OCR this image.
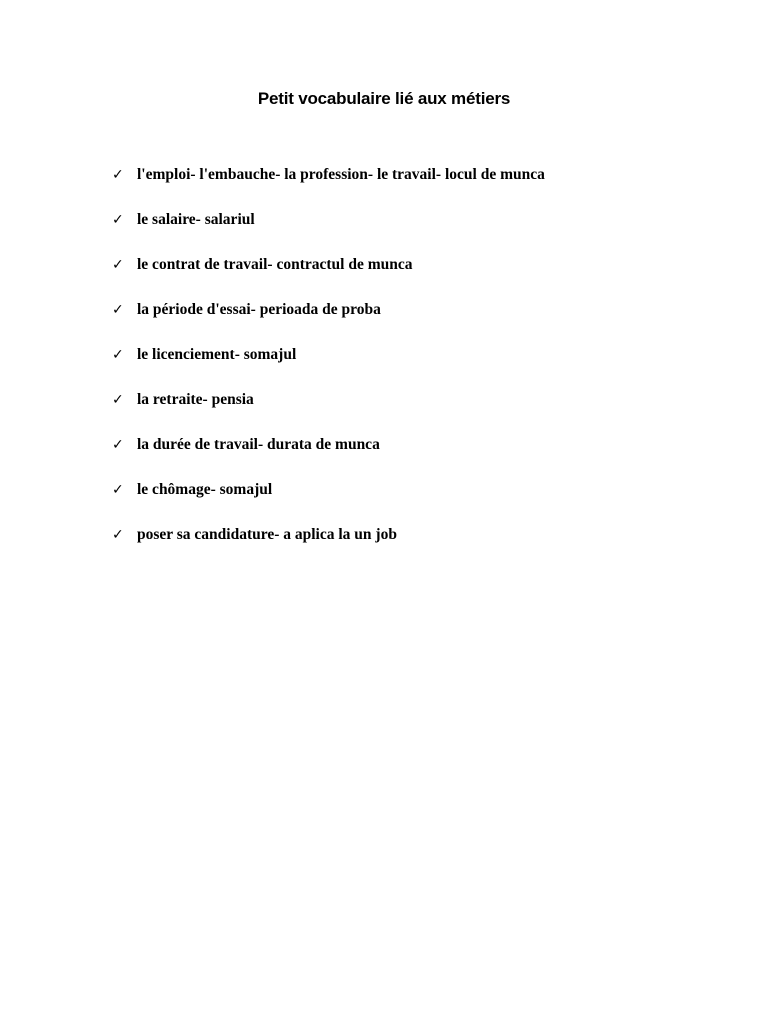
Petit vocabulaire lié aux métiers
✓ l'emploi- l'embauche- la profession- le travail- locul de munca
✓ le salaire- salariul
✓ le contrat de travail- contractul de munca
✓ la période d'essai- perioada de proba
✓ le licenciement- somajul
✓ la retraite- pensia
✓ la durée de travail- durata de munca
✓ le chômage- somajul
✓ poser sa candidature- a aplica la un job
